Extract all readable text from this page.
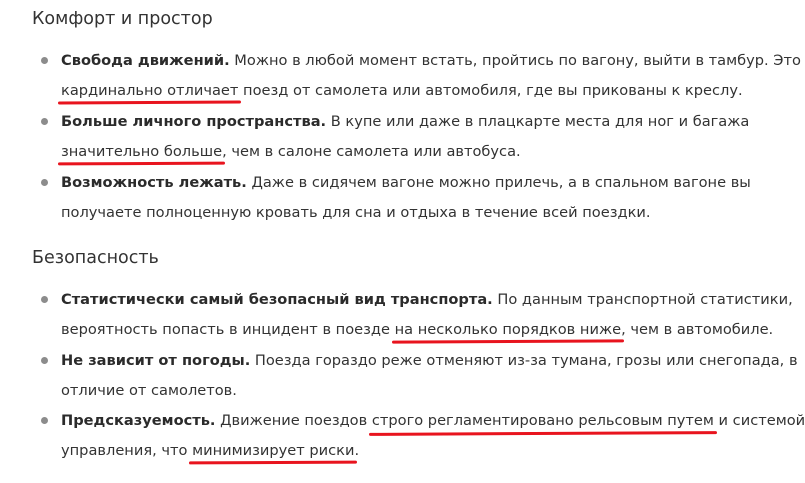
Комфорт и простор
Свобода движений. Можно в любой момент встать, пройтись по вагону, выйти в тамбур. Это
кардинально отличает поезд от самолета или автомобиля, где вы прикованы к креслу.
Больше личного пространства. В купе или даже в плацкарте места для ног и багажа
значительно больше, чем в салоне самолета или автобуса.
Возможность лежать. Даже в сидячем вагоне можно прилечь, а в спальном вагоне вы
получаете полноценную кровать для сна и отдыха в течение всей поездки.
Безопасность
Статистически самый безопасный вид транспорта. По данным транспортной статистики,
вероятность попасть в инцидент в поезде на несколько порядков ниже, чем в автомобиле.
Не зависит от погоды. Поезда гораздо реже отменяют из-за тумана, грозы или снегопада, в
отличие от самолетов.
Предсказуемость. Движение поездов строго регламентировано рельсовым путем и системой
управления, что минимизирует риски.
